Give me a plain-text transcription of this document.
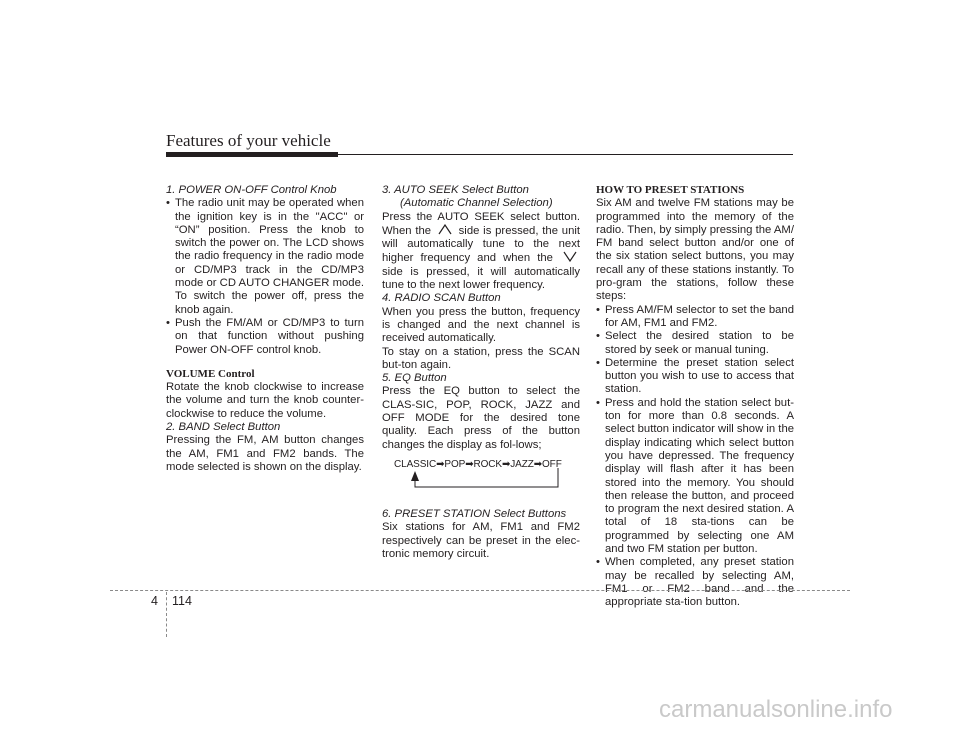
Features of your vehicle

1. POWER ON-OFF Control Knob

• The radio unit may be operated when the ignition key is in the "ACC" or “ON” position. Press the knob to switch the power on. The LCD shows the radio frequency in the radio mode or CD/MP3 track in the CD/MP3 mode or CD AUTO CHANGER mode. To switch the power off, press the knob again.
• Push the FM/AM or CD/MP3 to turn on that function without pushing Power ON-OFF control knob.

VOLUME Control

Rotate the knob clockwise to increase the volume and turn the knob counter-clockwise to reduce the volume.

2. BAND Select Button

Pressing the FM, AM button changes the AM, FM1 and FM2 bands. The mode selected is shown on the display.

3. AUTO SEEK Select Button

(Automatic Channel Selection)

Press the AUTO SEEK select button. When the side is pressed, the unit will automatically tune to the next higher frequency and when the  side is pressed, it will automatically tune to the next lower frequency.

4. RADIO SCAN Button

When you press the button, frequency is changed and the next channel is received automatically.

To stay on a station, press the SCAN but-ton again.

5. EQ Button

Press the EQ button to select the CLAS-SIC, POP, ROCK, JAZZ and OFF MODE for the desired tone quality. Each press of the button changes the display as fol-lows;

CLASSIC➡POP➡ROCK➡JAZZ➡OFF

6. PRESET STATION Select Buttons

Six stations for AM, FM1 and FM2 respectively can be preset in the elec-tronic memory circuit.

HOW TO PRESET STATIONS

Six AM and twelve FM stations may be programmed into the memory of the radio. Then, by simply pressing the AM/ FM band select button and/or one of the six station select buttons, you may recall any of these stations instantly. To pro-gram the stations, follow these steps:

• Press AM/FM selector to set the band for AM, FM1 and FM2.
• Select the desired station to be stored by seek or manual tuning.
• Determine the preset station select button you wish to use to access that station.
• Press and hold the station select but-ton for more than 0.8 seconds. A select button indicator will show in the display indicating which select button you have depressed. The frequency display will flash after it has been stored into the memory. You should then release the button, and proceed to program the next desired station. A total of 18 sta-tions can be programmed by selecting one AM and two FM station per button.
• When completed, any preset station may be recalled by selecting AM, FM1 or FM2 band and the appropriate sta-tion button.
4 114
carmanualsonline.info
